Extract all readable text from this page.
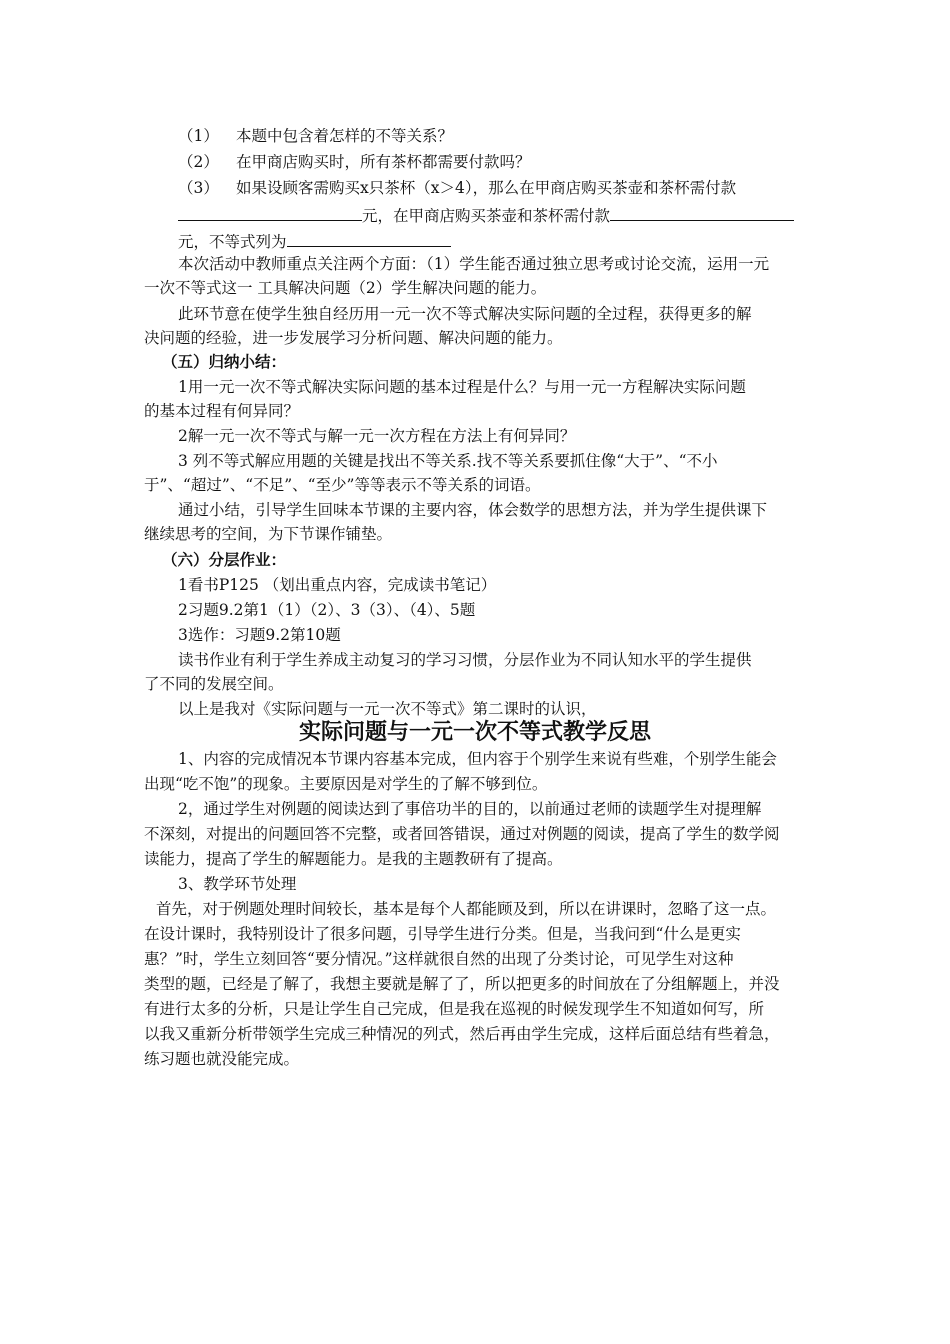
（1） 本题中包含着怎样的不等关系？
（2） 在甲商店购买时，所有茶杯都需要付款吗？
（3） 如果设顾客需购买x只茶杯（x＞4），那么在甲商店购买茶壶和茶杯需付款
元，在甲商店购买茶壶和茶杯需付款
元，不等式列为
本次活动中教师重点关注两个方面：（1）学生能否通过独立思考或讨论交流，运用一元
一次不等式这一 工具解决问题（2）学生解决问题的能力。
此环节意在使学生独自经历用一元一次不等式解决实际问题的全过程，获得更多的解
决问题的经验，进一步发展学习分析问题、解决问题的能力。
（五）归纳小结：
1用一元一次不等式解决实际问题的基本过程是什么？与用一元一方程解决实际问题
的基本过程有何异同？
2解一元一次不等式与解一元一次方程在方法上有何异同？
3 列不等式解应用题的关键是找出不等关系.找不等关系要抓住像“大于”、“不小
于”、“超过”、“不足”、“至少”等等表示不等关系的词语。
通过小结，引导学生回味本节课的主要内容，体会数学的思想方法，并为学生提供课下
继续思考的空间，为下节课作铺垫。
（六）分层作业：
1看书P125 （划出重点内容，完成读书笔记）
2习题9.2第1（1）（2）、3（3）、（4）、5题
3选作：习题9.2第10题
读书作业有利于学生养成主动复习的学习习惯，分层作业为不同认知水平的学生提供
了不同的发展空间。
以上是我对《实际问题与一元一次不等式》第二课时的认识，
实际问题与一元一次不等式教学反思
1、内容的完成情况本节课内容基本完成，但内容于个别学生来说有些难，个别学生能会
出现“吃不饱”的现象。主要原因是对学生的了解不够到位。
2，通过学生对例题的阅读达到了事倍功半的目的，以前通过老师的读题学生对提理解
不深刻，对提出的问题回答不完整，或者回答错误，通过对例题的阅读，提高了学生的数学阅
读能力，提高了学生的解题能力。是我的主题教研有了提高。
3、教学环节处理
首先，对于例题处理时间较长，基本是每个人都能顾及到，所以在讲课时，忽略了这一点。
在设计课时，我特别设计了很多问题，引导学生进行分类。但是，当我问到“什么是更实
惠？”时，学生立刻回答“要分情况。”这样就很自然的出现了分类讨论，可见学生对这种
类型的题，已经是了解了，我想主要就是解了了，所以把更多的时间放在了分组解题上，并没
有进行太多的分析，只是让学生自己完成，但是我在巡视的时候发现学生不知道如何写，所
以我又重新分析带领学生完成三种情况的列式，然后再由学生完成，这样后面总结有些着急，
练习题也就没能完成。
